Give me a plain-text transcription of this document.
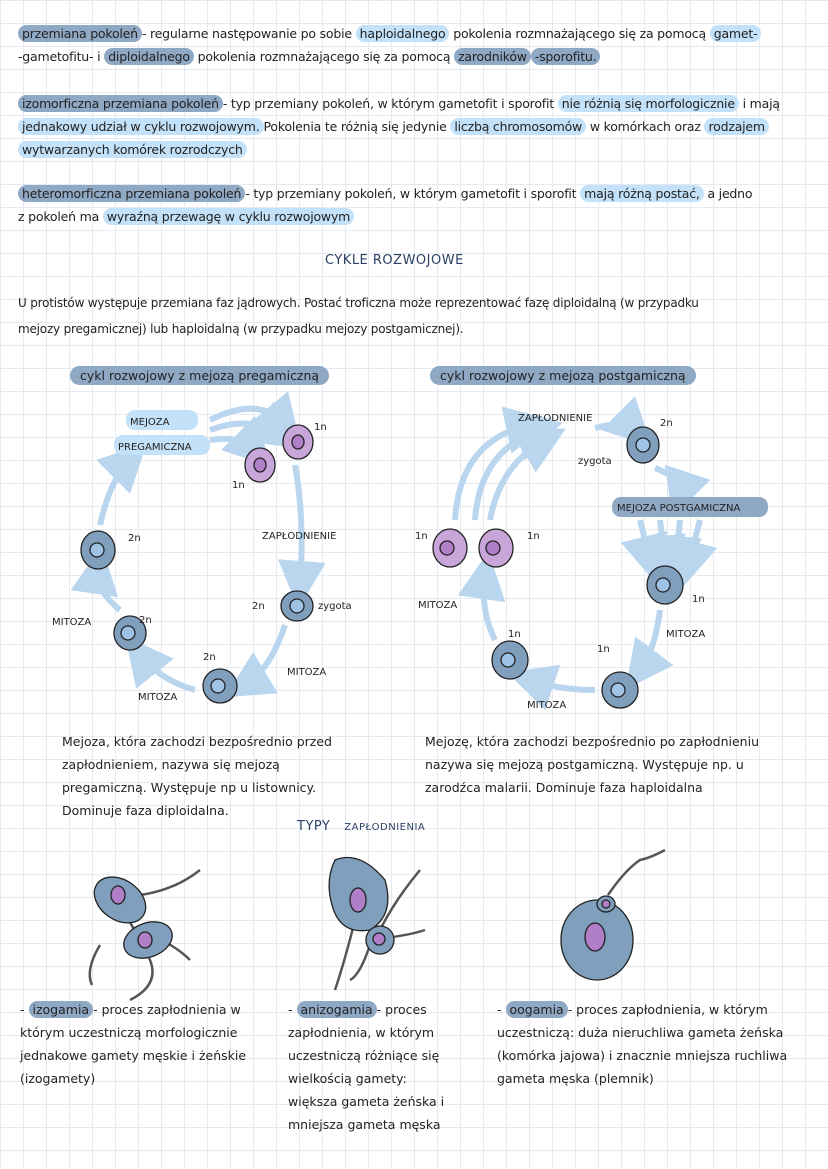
przemiana pokoleń - regularne następowanie po sobie haploidalnego pokolenia rozmnażającego się za pomocą gamet-
-gametofitu- i diploidalnego pokolenia rozmnażającego się za pomocą zarodników -sporofitu.
izomorficzna przemiana pokoleń - typ przemiany pokoleń, w którym gametofit i sporofit nie różnią się morfologicznie i mają
jednakowy udział w cyklu rozwojowym. Pokolenia te różnią się jedynie liczbą chromosomów w komórkach oraz rodzajem
wytwarzanych komórek rozrodczych
heteromorficzna przemiana pokoleń - typ przemiany pokoleń, w którym gametofit i sporofit mają różną postać, a jedno
z pokoleń ma wyraźną przewagę w cyklu rozwojowym
CYKLE ROZWOJOWE
U protistów występuje przemiana faz jądrowych. Postać troficzna może reprezentować fazę diploidalną (w przypadku
mejozy pregamicznej) lub haploidalną (w przypadku mejozy postgamicznej).
cykl rozwojowy z mejozą pregamiczną	cykl rozwojowy z mejozą postgamiczną
MEJOZA
PREGAMICZNA
1n
1n
ZAPŁODNIENIE
2n	zygota
2n
2n
2n
MITOZA
MITOZA
MITOZA
ZAPŁODNIENIE
zygota
2n
MEJOZA POSTGAMICZNA
1n
1n
1n
1n	1n
MITOZA
MITOZA
MITOZA
Mejoza, która zachodzi bezpośrednio przed zapłodnieniem, nazywa się mejozą pregamiczną. Występuje np u listownicy. Dominuje faza diploidalna.
Mejozę, która zachodzi bezpośrednio po zapłodnieniu nazywa się mejozą postgamiczną. Występuje np. u zarodźca malarii. Dominuje faza haploidalna
TYPY ZAPŁODNIENIA
- izogamia - proces zapłodnienia w którym uczestniczą morfologicznie jednakowe gamety męskie i żeńskie (izogamety)
- anizogamia - proces zapłodnienia, w którym uczestniczą różniące się wielkością gamety: większa gameta żeńska i mniejsza gameta męska
- oogamia - proces zapłodnienia, w którym uczestniczą: duża nieruchliwa gameta żeńska (komórka jajowa) i znacznie mniejsza ruchliwa gameta męska (plemnik)
